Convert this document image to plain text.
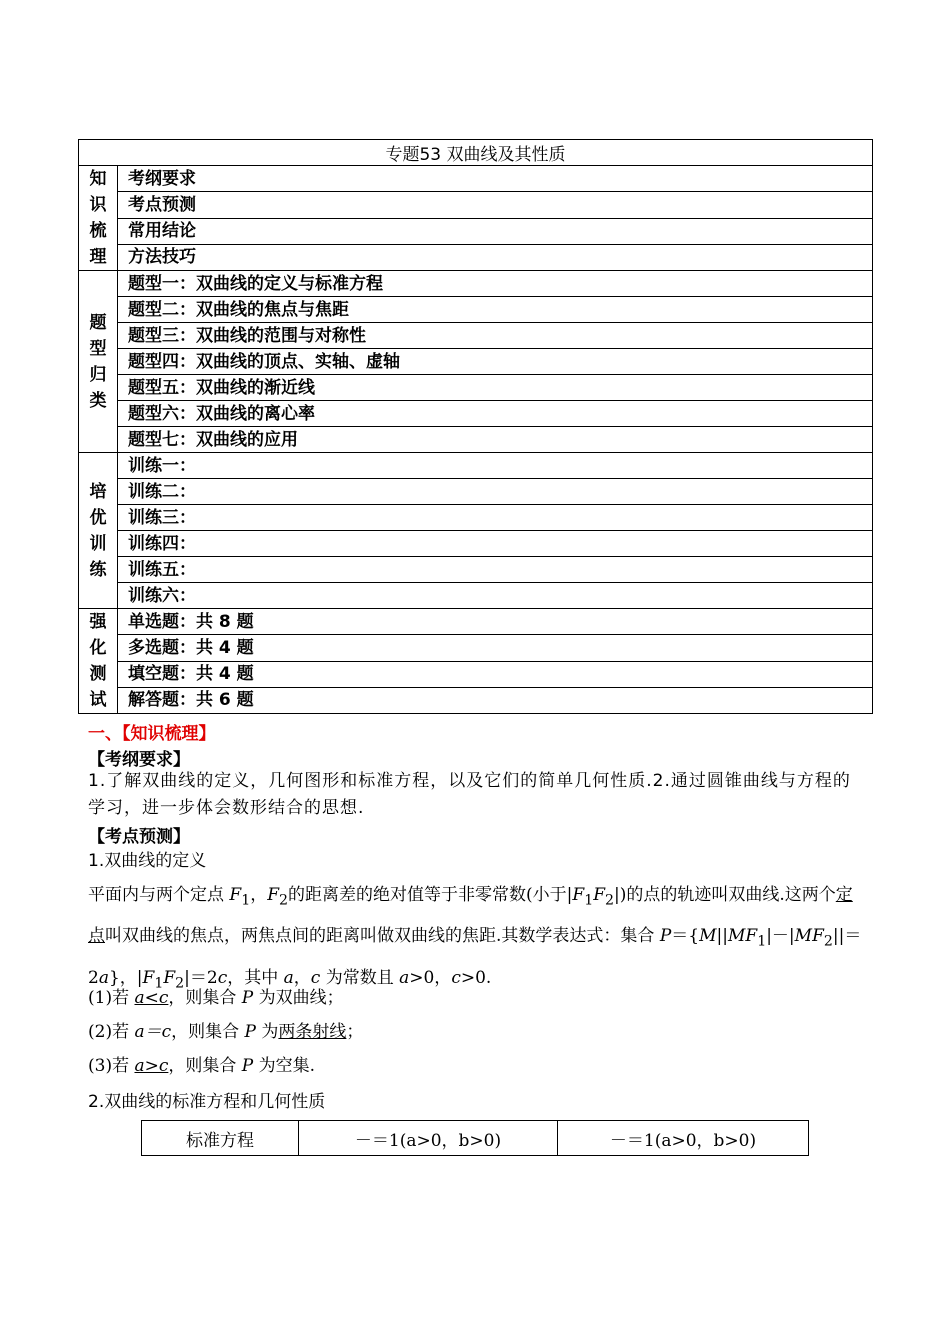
专题53 双曲线及其性质	

知
识
梳
理	考纲要求
	考点预测
	常用结论
	方法技巧

题
型
归
类	题型一：双曲线的定义与标准方程
	题型二：双曲线的焦点与焦距
	题型三：双曲线的范围与对称性
	题型四：双曲线的顶点、实轴、虚轴
	题型五：双曲线的渐近线
	题型六：双曲线的离心率
	题型七：双曲线的应用

培
优
训
练	训练一：
	训练二：
	训练三：
	训练四：
	训练五：
	训练六：

强
化
测
试	单选题：共 8 题
	多选题：共 4 题
	填空题：共 4 题
	解答题：共 6 题
一、【知识梳理】
【考纲要求】
1.了解双曲线的定义，几何图形和标准方程，以及它们的简单几何性质.2.通过圆锥曲线与方程的学习，进一步体会数形结合的思想.
【考点预测】
1.双曲线的定义
平面内与两个定点 $F_1$，$F_2$的距离差的绝对值等于非零常数(小于$|F_1F_2|$)的点的轨迹叫双曲线.这两个定点叫双曲线的焦点，两焦点间的距离叫做双曲线的焦距.其数学表达式：集合 $P=\{M||MF_1|-|MF_2||=2a\}$，$|F_1F_2|=2c$，其中 a，c 为常数且 a>0，c>0.
(1)若 a<c，则集合 P 为双曲线；
(2)若 a＝c，则集合 P 为两条射线；
(3)若 a>c，则集合 P 为空集.
2.双曲线的标准方程和几何性质
标准方程	－＝1(a>0，b>0)	－＝1(a>0，b>0)
